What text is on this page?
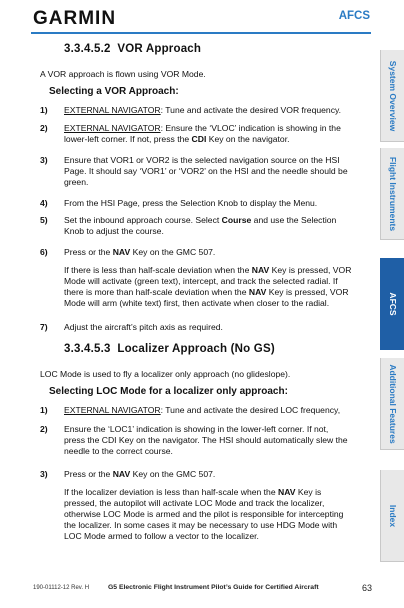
GARMIN	AFCS
System Overview
Flight Instruments
AFCS
Additional Features
Index
3.3.4.5.2 VOR Approach
A VOR approach is flown using VOR Mode.
Selecting a VOR Approach:
1) EXTERNAL NAVIGATOR: Tune and activate the desired VOR frequency.
2) EXTERNAL NAVIGATOR: Ensure the ‘VLOC’ indication is showing in the
lower-left corner. If not, press the CDI Key on the navigator.
3) Ensure that VOR1 or VOR2 is the selected navigation source on the HSI
Page. It should say ‘VOR1’ or ‘VOR2’ on the HSI and the needle should be
green.
4) From the HSI Page, press the Selection Knob to display the Menu.
5) Set the inbound approach course. Select Course and use the Selection
Knob to adjust the course.
6) Press or the NAV Key on the GMC 507.
If there is less than half-scale deviation when the NAV Key is pressed, VOR
Mode will activate (green text), intercept, and track the selected radial. If
there is more than half-scale deviation when the NAV Key is pressed, VOR
Mode will arm (white text) first, then activate when closer to the radial.
7) Adjust the aircraft’s pitch axis as required.
3.3.4.5.3 Localizer Approach (No GS)
LOC Mode is used to fly a localizer only approach (no glideslope).
Selecting LOC Mode for a localizer only approach:
1) EXTERNAL NAVIGATOR: Tune and activate the desired LOC frequency,
2) Ensure the ‘LOC1’ indication is showing in the lower-left corner. If not,
press the CDI Key on the navigator. The HSI should automatically slew the
needle to the correct course.
3) Press or the NAV Key on the GMC 507.
If the localizer deviation is less than half-scale when the NAV Key is
pressed, the autopilot will activate LOC Mode and track the localizer,
otherwise LOC Mode is armed and the pilot is responsible for intercepting
the localizer. In some cases it may be necessary to use HDG Mode with
LOC Mode armed to follow a vector to the localizer.
190-01112-12 Rev. H	G5 Electronic Flight Instrument Pilot’s Guide for Certified Aircraft	63
